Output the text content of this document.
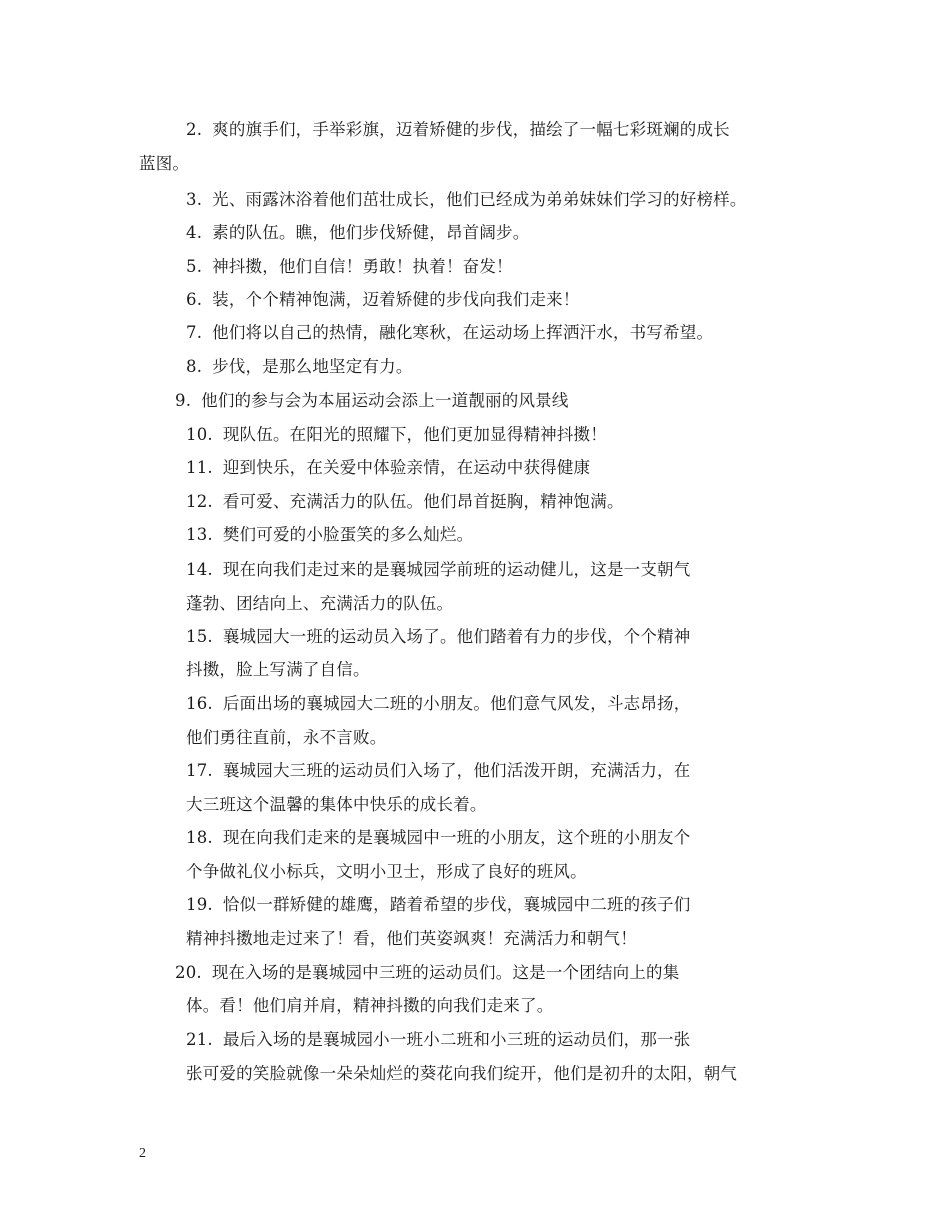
2. 爽的旗手们，手举彩旗，迈着矫健的步伐，描绘了一幅七彩斑斓的成长
蓝图。
3. 光、雨露沐浴着他们茁壮成长，他们已经成为弟弟妹妹们学习的好榜样。
4. 素的队伍。瞧，他们步伐矫健，昂首阔步。
5. 神抖擞，他们自信！勇敢！执着！奋发！
6. 装，个个精神饱满，迈着矫健的步伐向我们走来！
7. 他们将以自己的热情，融化寒秋，在运动场上挥洒汗水，书写希望。
8. 步伐，是那么地坚定有力。
9. 他们的参与会为本届运动会添上一道靓丽的风景线
10. 现队伍。在阳光的照耀下，他们更加显得精神抖擞！
11. 迎到快乐，在关爱中体验亲情，在运动中获得健康
12. 看可爱、充满活力的队伍。他们昂首挺胸，精神饱满。
13. 樊们可爱的小脸蛋笑的多么灿烂。
14. 现在向我们走过来的是襄城园学前班的运动健儿，这是一支朝气
蓬勃、团结向上、充满活力的队伍。
15. 襄城园大一班的运动员入场了。他们踏着有力的步伐，个个精神
抖擞，脸上写满了自信。
16. 后面出场的襄城园大二班的小朋友。他们意气风发，斗志昂扬，
他们勇往直前，永不言败。
17. 襄城园大三班的运动员们入场了，他们活泼开朗，充满活力，在
大三班这个温馨的集体中快乐的成长着。
18. 现在向我们走来的是襄城园中一班的小朋友，这个班的小朋友个
个争做礼仪小标兵，文明小卫士，形成了良好的班风。
19. 恰似一群矫健的雄鹰，踏着希望的步伐，襄城园中二班的孩子们
精神抖擞地走过来了！看，他们英姿飒爽！充满活力和朝气！
20. 现在入场的是襄城园中三班的运动员们。这是一个团结向上的集
体。看！他们肩并肩，精神抖擞的向我们走来了。
21. 最后入场的是襄城园小一班小二班和小三班的运动员们，那一张
张可爱的笑脸就像一朵朵灿烂的葵花向我们绽开，他们是初升的太阳，朝气
2
